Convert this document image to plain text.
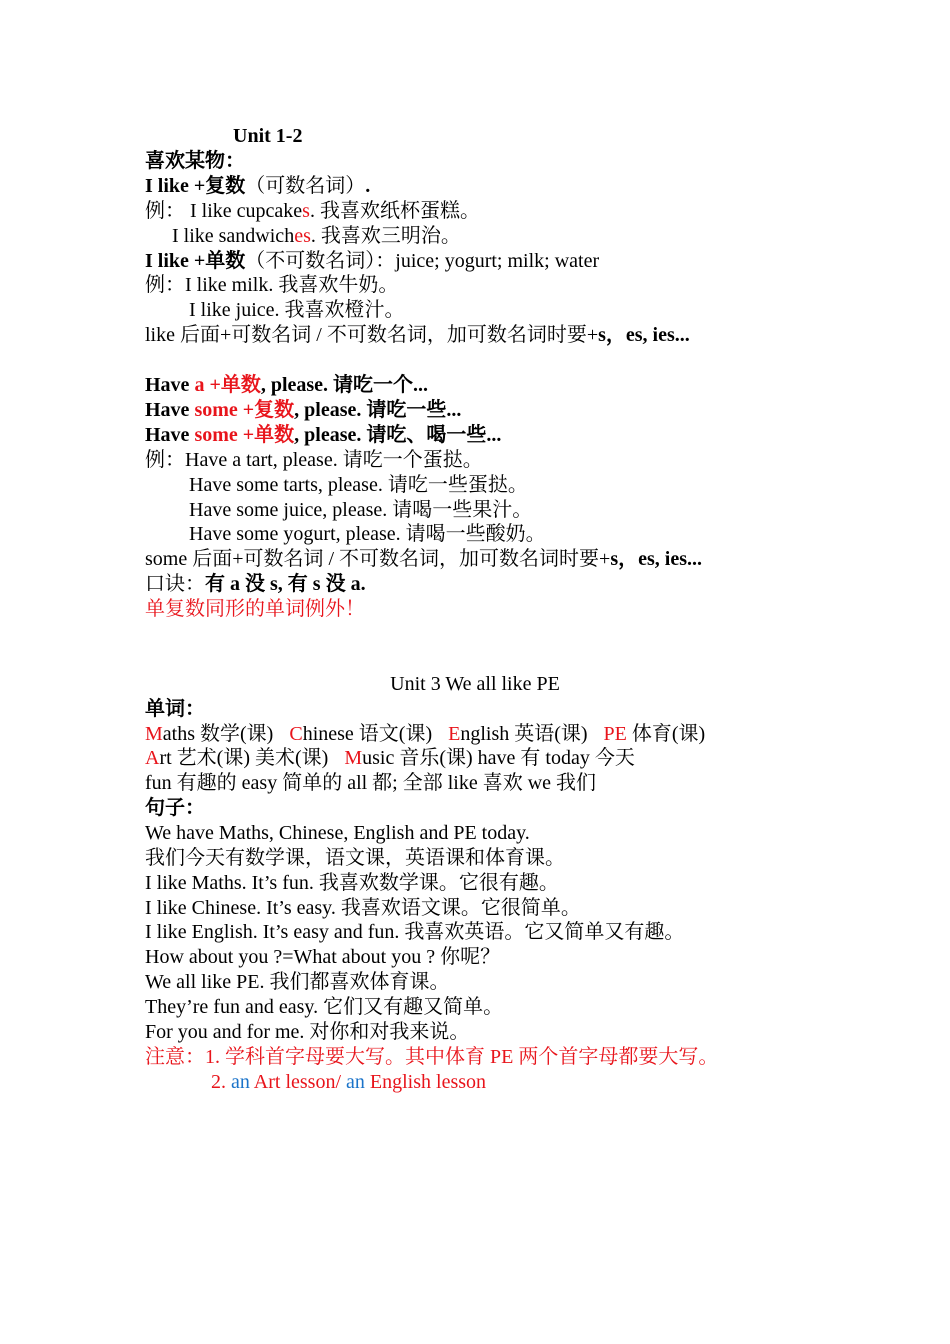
Unit 1-2
喜欢某物：
I like +复数（可数名词）.
例： I like cupcakes. 我喜欢纸杯蛋糕。
I like sandwiches. 我喜欢三明治。
I like +单数（不可数名词）：juice; yogurt; milk; water
例：I like milk. 我喜欢牛奶。
I like juice. 我喜欢橙汁。
like 后面+可数名词 / 不可数名词，加可数名词时要+s，es, ies...
Have a +单数, please. 请吃一个...
Have some +复数, please. 请吃一些...
Have some +单数, please. 请吃、喝一些...
例：Have a tart, please. 请吃一个蛋挞。
Have some tarts, please. 请吃一些蛋挞。
Have some juice, please. 请喝一些果汁。
Have some yogurt, please. 请喝一些酸奶。
some 后面+可数名词 / 不可数名词，加可数名词时要+s，es, ies...
口诀：有 a 没 s, 有 s 没 a.
单复数同形的单词例外！
Unit 3 We all like PE
单词：
Maths 数学(课) Chinese 语文(课) English 英语(课) PE 体育(课)
Art 艺术(课) 美术(课) Music 音乐(课) have 有 today 今天
fun 有趣的 easy 简单的 all 都; 全部 like 喜欢 we 我们
句子：
We have Maths, Chinese, English and PE today.
我们今天有数学课，语文课，英语课和体育课。
I like Maths. It’s fun. 我喜欢数学课。它很有趣。
I like Chinese. It’s easy. 我喜欢语文课。它很简单。
I like English. It’s easy and fun. 我喜欢英语。它又简单又有趣。
How about you ?=What about you ? 你呢？
We all like PE. 我们都喜欢体育课。
They’re fun and easy. 它们又有趣又简单。
For you and for me. 对你和对我来说。
注意：1. 学科首字母要大写。其中体育 PE 两个首字母都要大写。
2. an Art lesson/ an English lesson
